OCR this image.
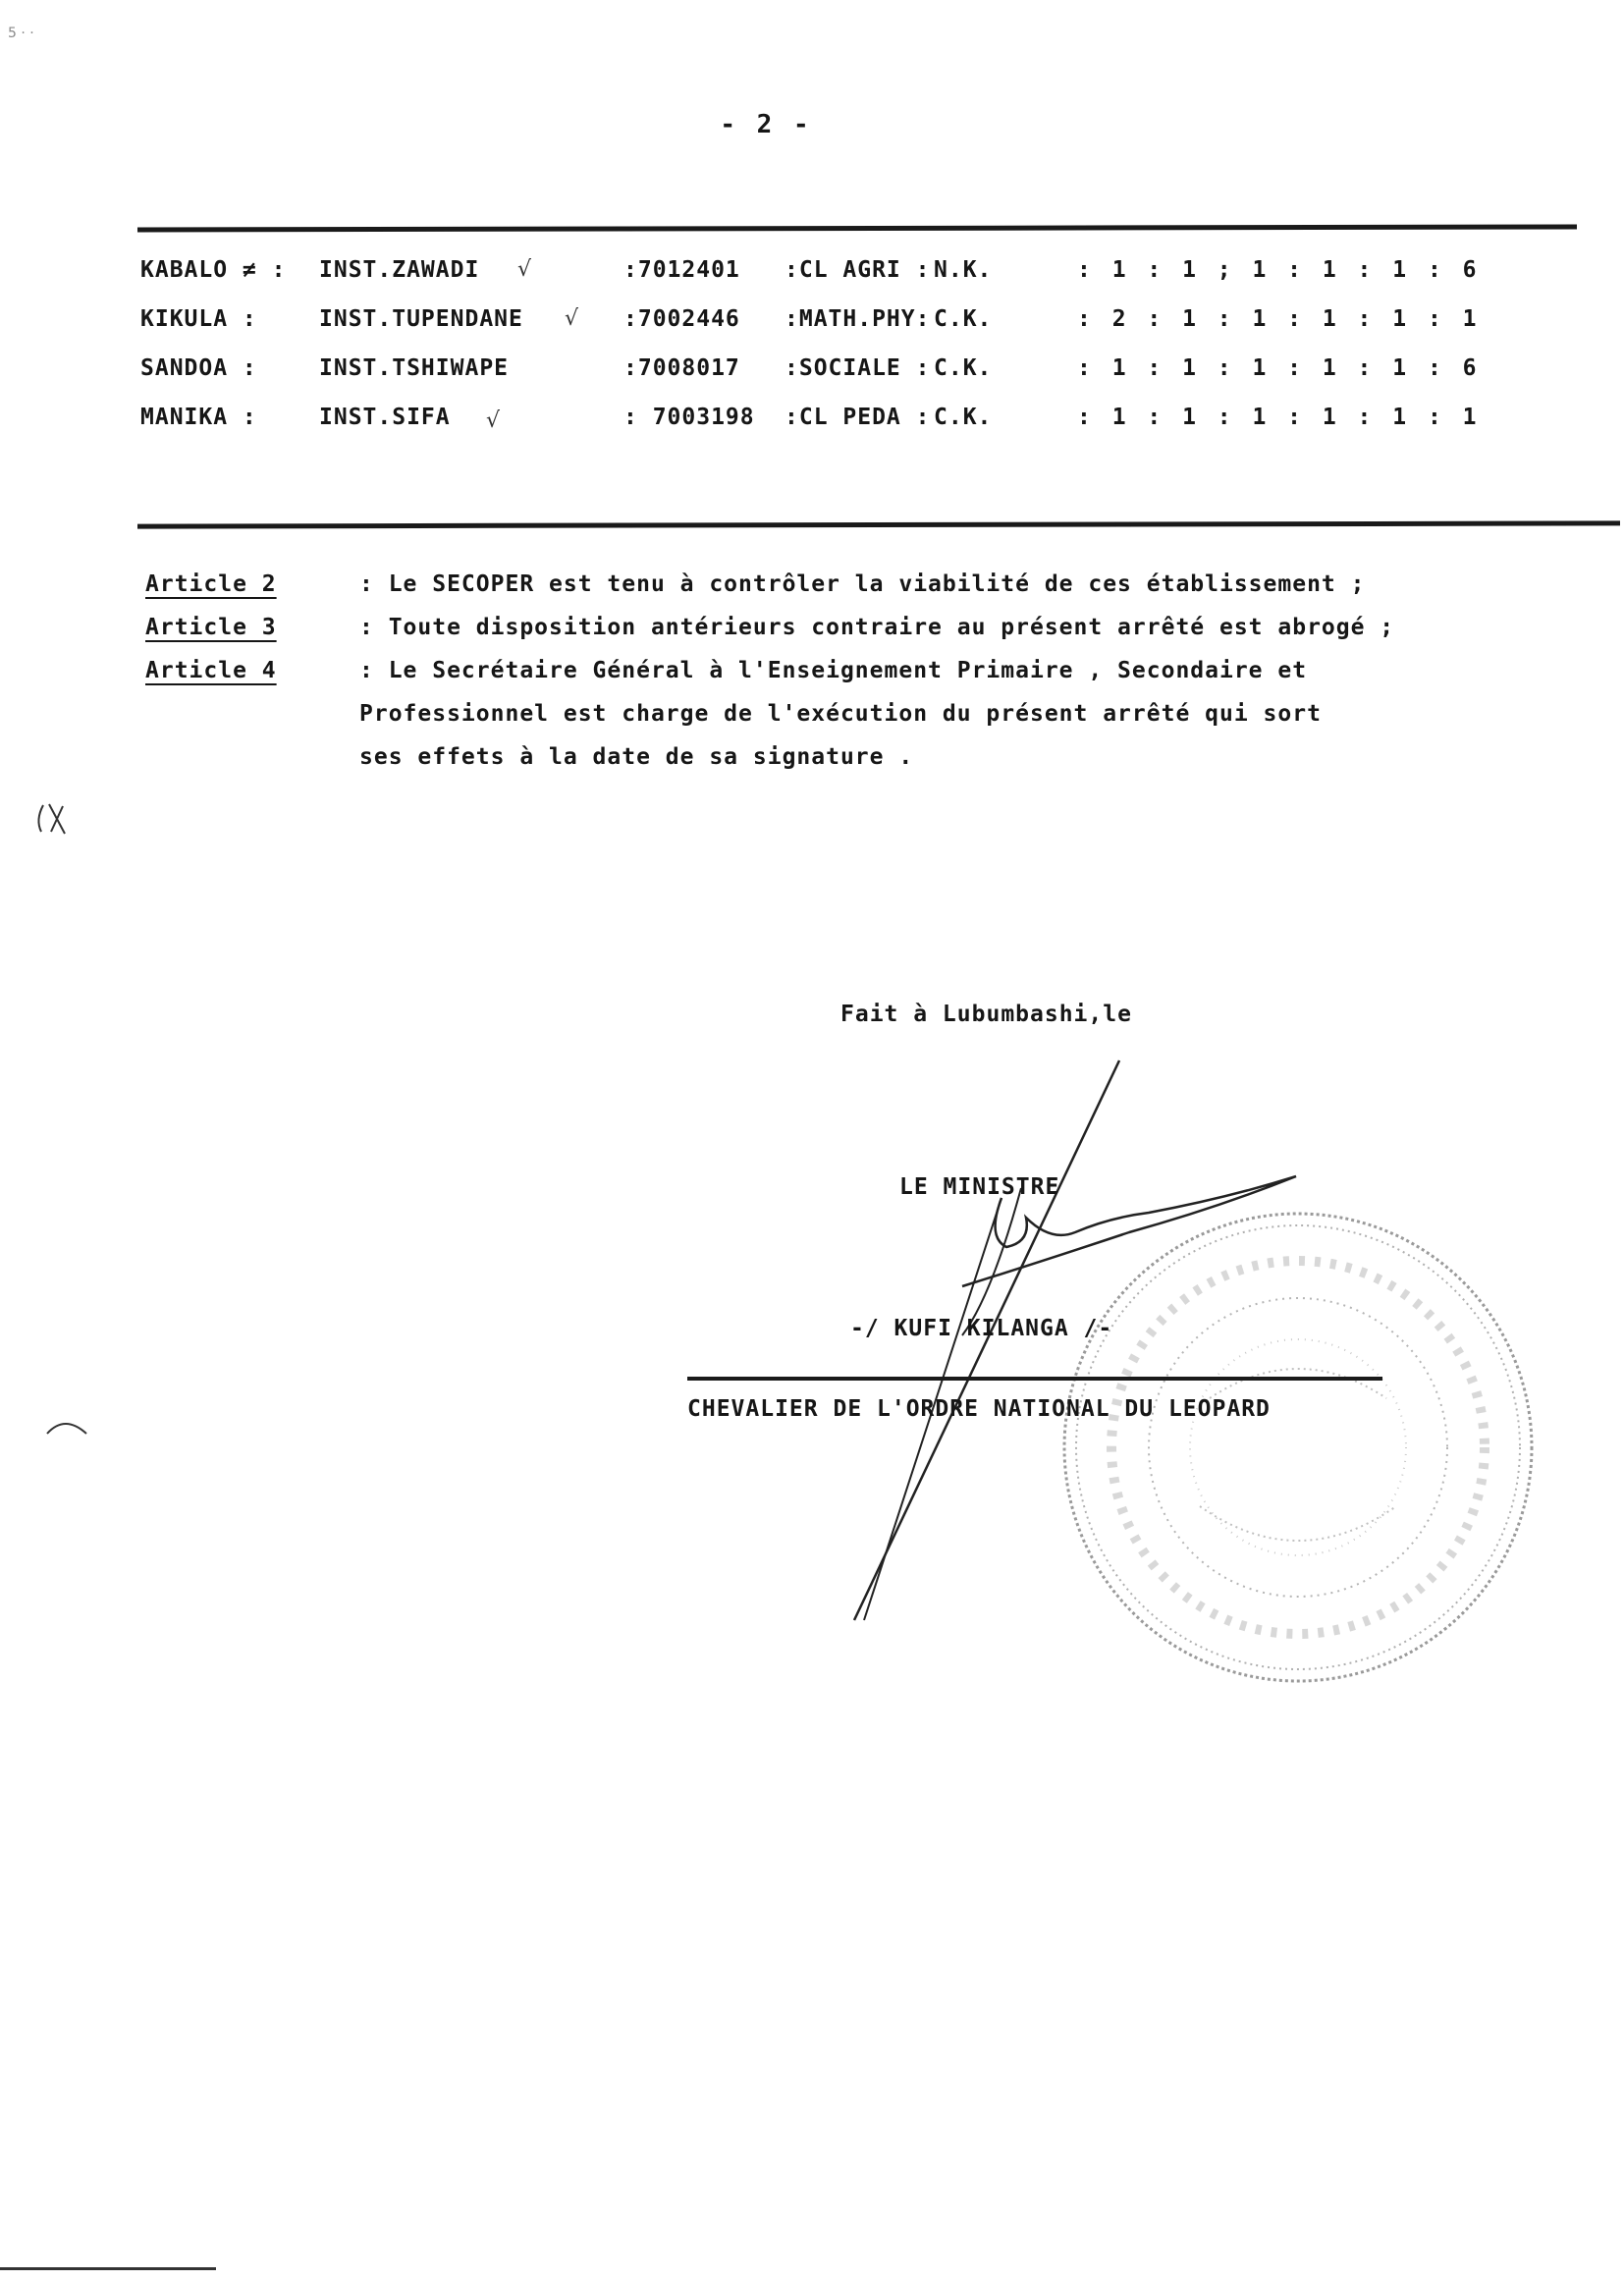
5 · ·
- 2 -
KABALO ≠ : INST.ZAWADI √	:7012401 :CL AGRI : N.K.	: 1 : 1 ; 1 : 1 : 1 : 6
KIKULA :	INST.TUPENDANE √ :7002446 :MATH.PHY: C.K.	: 2 : 1 : 1 : 1 : 1 : 1
SANDOA :	INST.TSHIWAPE	:7008017 :SOCIALE : C.K.	: 1 : 1 : 1 : 1 : 1 : 6
MANIKA :	INST.SIFA √	: 7003198 :CL PEDA : C.K.	: 1 : 1 : 1 : 1 : 1 : 1
Article 2	: Le SECOPER est tenu à contrôler la viabilité de ces établissement ;
Article 3	: Toute disposition antérieurs contraire au présent arrêté est abrogé ;
Article 4	: Le Secrétaire Général à l'Enseignement Primaire , Secondaire et
Professionnel est charge de l'exécution du présent arrêté qui sort
ses effets à la date de sa signature .
Fait à Lubumbashi,le
LE MINISTRE
-/ KUFI KILANGA /-
CHEVALIER DE L'ORDRE NATIONAL DU LEOPARD
